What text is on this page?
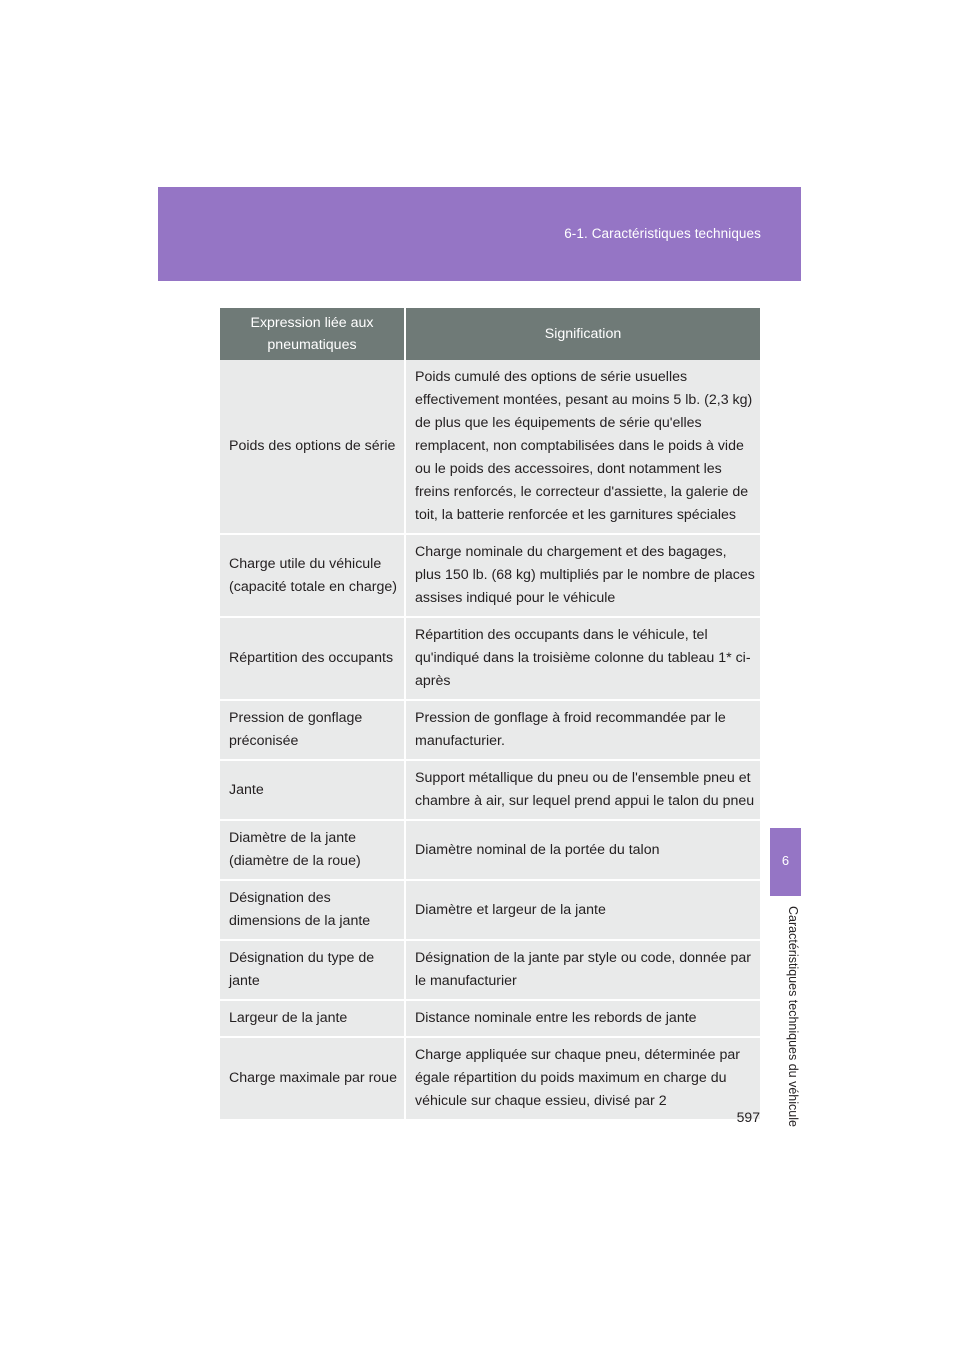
6-1. Caractéristiques techniques
6
Caractéristiques techniques du véhicule
Expression liée aux pneumatiques	Signification
Poids des options de série	Poids cumulé des options de série usuelles effectivement montées, pesant au moins 5 lb. (2,3 kg) de plus que les équipements de série qu'elles remplacent, non comptabilisées dans le poids à vide ou le poids des accessoires, dont notamment les freins renforcés, le correcteur d'assiette, la galerie de toit, la batterie renforcée et les garnitures spéciales
Charge utile du véhicule (capacité totale en charge)	Charge nominale du chargement et des bagages, plus 150 lb. (68 kg) multipliés par le nombre de places assises indiqué pour le véhicule
Répartition des occupants	Répartition des occupants dans le véhicule, tel qu'indiqué dans la troisième colonne du tableau 1* ci-après
Pression de gonflage préconisée	Pression de gonflage à froid recommandée par le manufacturier.
Jante	Support métallique du pneu ou de l'ensemble pneu et chambre à air, sur lequel prend appui le talon du pneu
Diamètre de la jante (diamètre de la roue)	Diamètre nominal de la portée du talon
Désignation des dimensions de la jante	Diamètre et largeur de la jante
Désignation du type de jante	Désignation de la jante par style ou code, donnée par le manufacturier
Largeur de la jante	Distance nominale entre les rebords de jante
Charge maximale par roue	Charge appliquée sur chaque pneu, déterminée par égale répartition du poids maximum en charge du véhicule sur chaque essieu, divisé par 2
597
